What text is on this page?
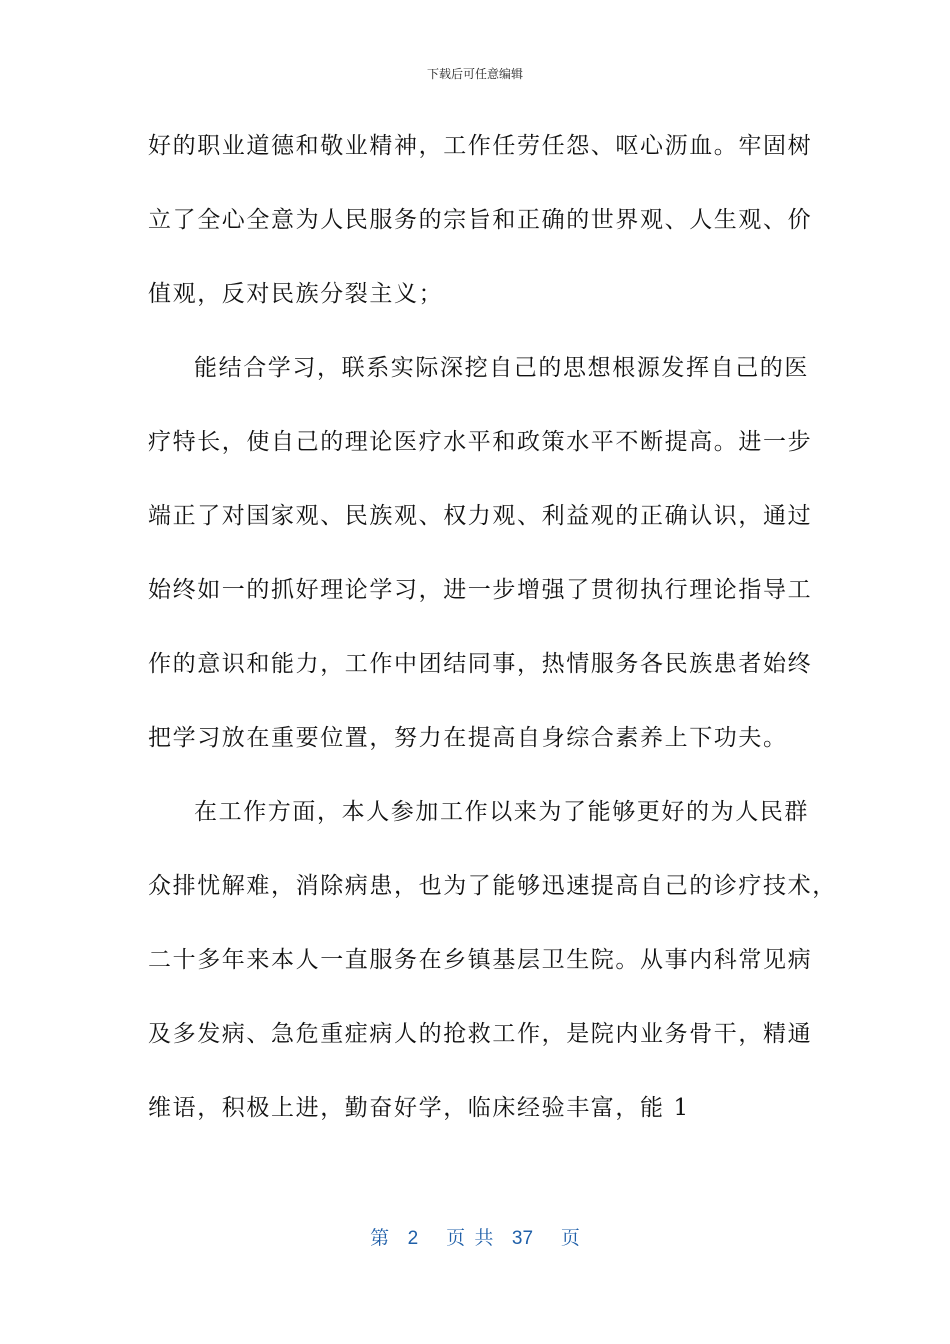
下载后可任意编辑
好的职业道德和敬业精神，工作任劳任怨、呕心沥血。牢固树
立了全心全意为人民服务的宗旨和正确的世界观、人生观、价
值观，反对民族分裂主义；
能结合学习，联系实际深挖自己的思想根源发挥自己的医
疗特长，使自己的理论医疗水平和政策水平不断提高。进一步
端正了对国家观、民族观、权力观、利益观的正确认识，通过
始终如一的抓好理论学习，进一步增强了贯彻执行理论指导工
作的意识和能力，工作中团结同事，热情服务各民族患者始终
把学习放在重要位置，努力在提高自身综合素养上下功夫。
在工作方面，本人参加工作以来为了能够更好的为人民群
众排忧解难，消除病患，也为了能够迅速提高自己的诊疗技术，
二十多年来本人一直服务在乡镇基层卫生院。从事内科常见病
及多发病、急危重症病人的抢救工作，是院内业务骨干，精通
维语，积极上进，勤奋好学，临床经验丰富，能 1
第  2   页 共  37   页
